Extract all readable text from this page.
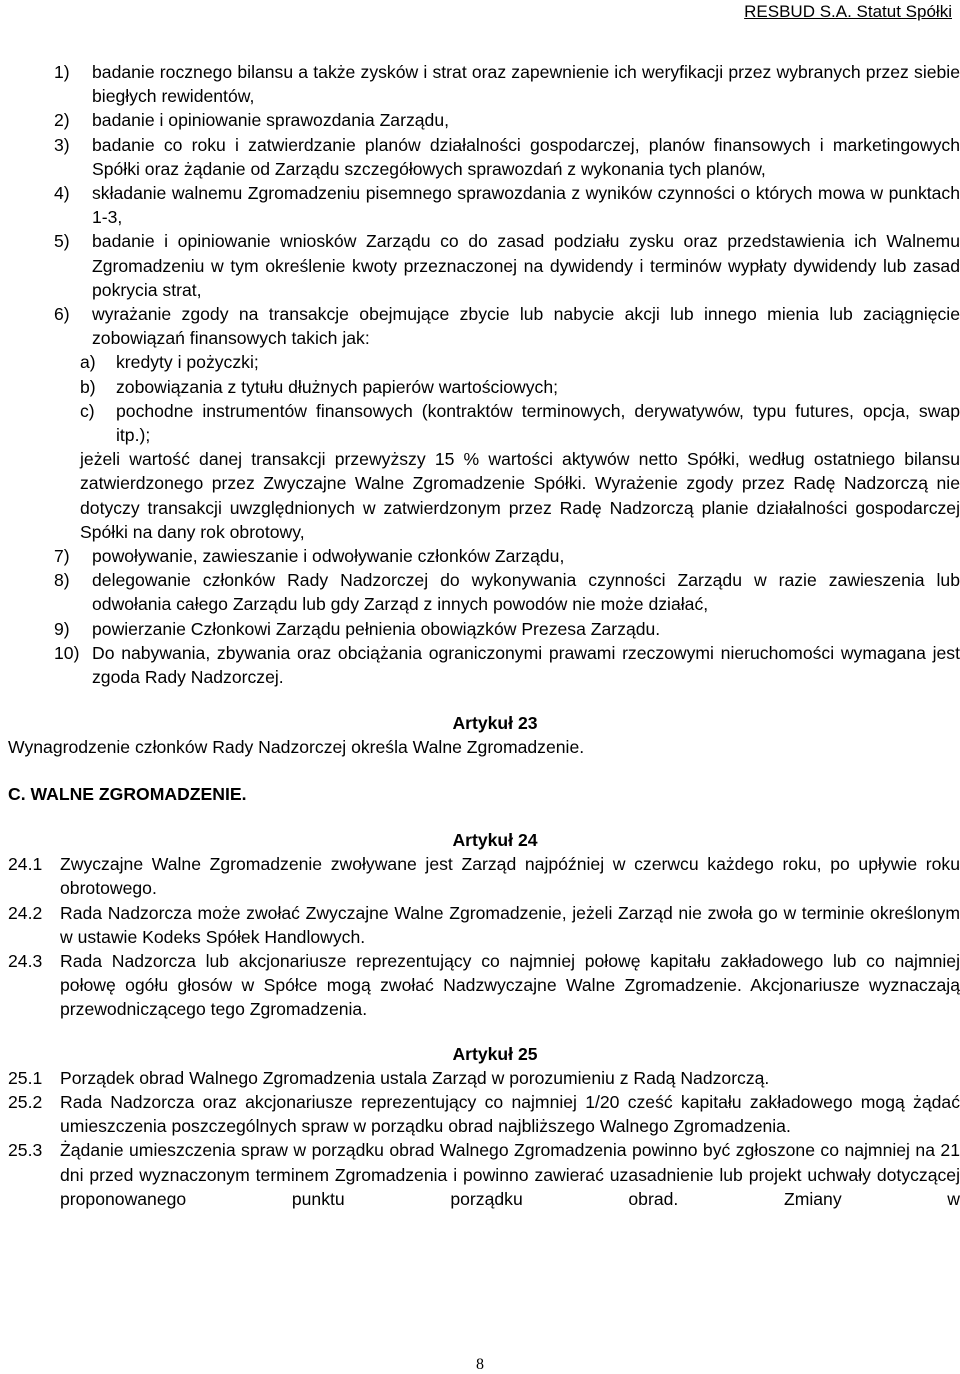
RESBUD S.A. Statut Spółki
1)	badanie rocznego bilansu a także zysków i strat oraz zapewnienie ich weryfikacji przez wybranych przez siebie biegłych rewidentów,
2)	badanie i opiniowanie sprawozdania Zarządu,
3)	badanie co roku i zatwierdzanie planów działalności gospodarczej, planów finansowych i marketingowych Spółki oraz żądanie od Zarządu szczegółowych sprawozdań z wykonania tych planów,
4)	składanie walnemu Zgromadzeniu pisemnego sprawozdania z wyników czynności o których mowa w punktach 1-3,
5)	badanie i opiniowanie wniosków Zarządu co do zasad podziału zysku oraz przedstawienia ich Walnemu Zgromadzeniu w tym określenie kwoty przeznaczonej na dywidendy i terminów wypłaty dywidendy lub zasad pokrycia strat,
6)	wyrażanie zgody na transakcje obejmujące zbycie lub nabycie akcji lub innego mienia lub zaciągnięcie zobowiązań finansowych takich jak:
a)	kredyty i pożyczki;
b)	zobowiązania z tytułu dłużnych papierów wartościowych;
c)	pochodne instrumentów finansowych (kontraktów terminowych, derywatywów, typu futures, opcja, swap itp.);
jeżeli wartość danej transakcji przewyższy 15 % wartości aktywów netto Spółki, według ostatniego bilansu zatwierdzonego przez Zwyczajne Walne Zgromadzenie Spółki. Wyrażenie zgody przez Radę Nadzorczą nie dotyczy transakcji uwzględnionych w zatwierdzonym przez Radę Nadzorczą planie działalności gospodarczej Spółki na dany rok obrotowy,
7)	powoływanie, zawieszanie i odwoływanie członków Zarządu,
8)	delegowanie członków Rady Nadzorczej do wykonywania czynności Zarządu w razie zawieszenia lub odwołania całego Zarządu lub gdy Zarząd z innych powodów nie może działać,
9)	powierzanie Członkowi Zarządu pełnienia obowiązków Prezesa Zarządu.
10) Do nabywania, zbywania oraz obciążania ograniczonymi prawami rzeczowymi nieruchomości wymagana jest zgoda Rady Nadzorczej.
Artykuł 23
Wynagrodzenie członków Rady Nadzorczej określa Walne Zgromadzenie.
C. WALNE ZGROMADZENIE.
Artykuł 24
24.1	Zwyczajne Walne Zgromadzenie zwoływane jest Zarząd najpóźniej w czerwcu każdego roku, po upływie roku obrotowego.
24.2	Rada Nadzorcza może zwołać Zwyczajne Walne Zgromadzenie, jeżeli Zarząd nie zwoła go w terminie określonym w ustawie Kodeks Spółek Handlowych.
24.3	Rada Nadzorcza lub akcjonariusze reprezentujący co najmniej połowę kapitału zakładowego lub co najmniej połowę ogółu głosów w Spółce mogą zwołać Nadzwyczajne Walne Zgromadzenie. Akcjonariusze wyznaczają przewodniczącego tego Zgromadzenia.
Artykuł 25
25.1	Porządek obrad Walnego Zgromadzenia ustala Zarząd w porozumieniu z Radą Nadzorczą.
25.2	Rada Nadzorcza oraz akcjonariusze reprezentujący co najmniej 1/20 cześć kapitału zakładowego mogą żądać umieszczenia poszczególnych spraw w porządku obrad najbliższego Walnego Zgromadzenia.
25.3	Żądanie umieszczenia spraw w porządku obrad Walnego Zgromadzenia powinno być zgłoszone co najmniej na 21 dni przed wyznaczonym terminem Zgromadzenia i powinno zawierać uzasadnienie lub projekt uchwały dotyczącej proponowanego punktu porządku obrad. Zmiany w
8
